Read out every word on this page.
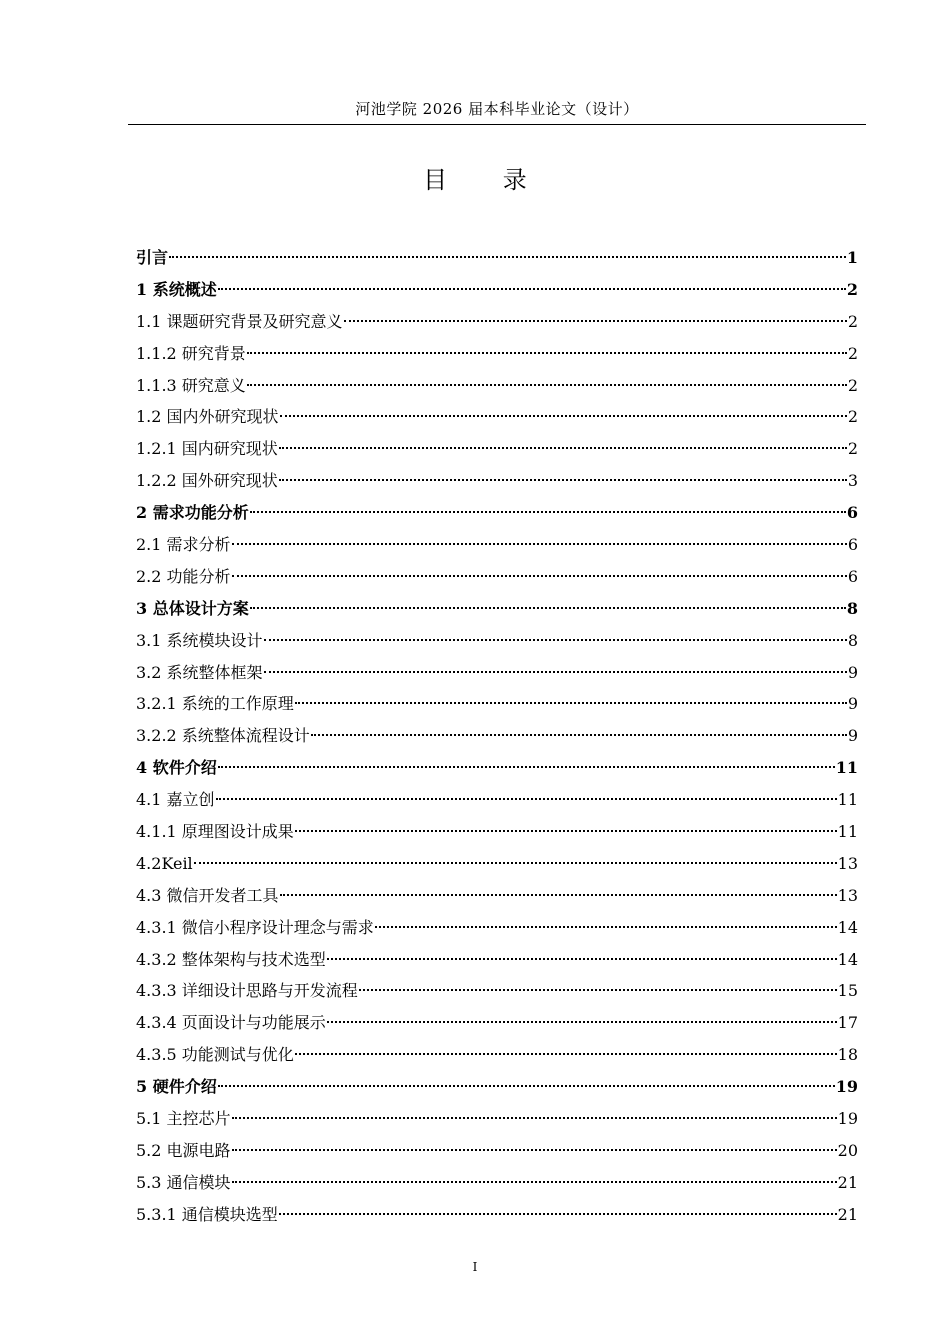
河池学院 2026 届本科毕业论文（设计）
目 录
引言	1
1 系统概述	2
1.1 课题研究背景及研究意义	2
1.1.2 研究背景	2
1.1.3 研究意义	2
1.2 国内外研究现状	2
1.2.1 国内研究现状	2
1.2.2 国外研究现状	3
2 需求功能分析	6
2.1 需求分析	6
2.2 功能分析	6
3 总体设计方案	8
3.1 系统模块设计	8
3.2 系统整体框架	9
3.2.1 系统的工作原理	9
3.2.2 系统整体流程设计	9
4 软件介绍	11
4.1 嘉立创	11
4.1.1 原理图设计成果	11
4.2Keil	13
4.3 微信开发者工具	13
4.3.1 微信小程序设计理念与需求	14
4.3.2 整体架构与技术选型	14
4.3.3 详细设计思路与开发流程	15
4.3.4 页面设计与功能展示	17
4.3.5 功能测试与优化	18
5 硬件介绍	19
5.1 主控芯片	19
5.2 电源电路	20
5.3 通信模块	21
5.3.1 通信模块选型	21
I
